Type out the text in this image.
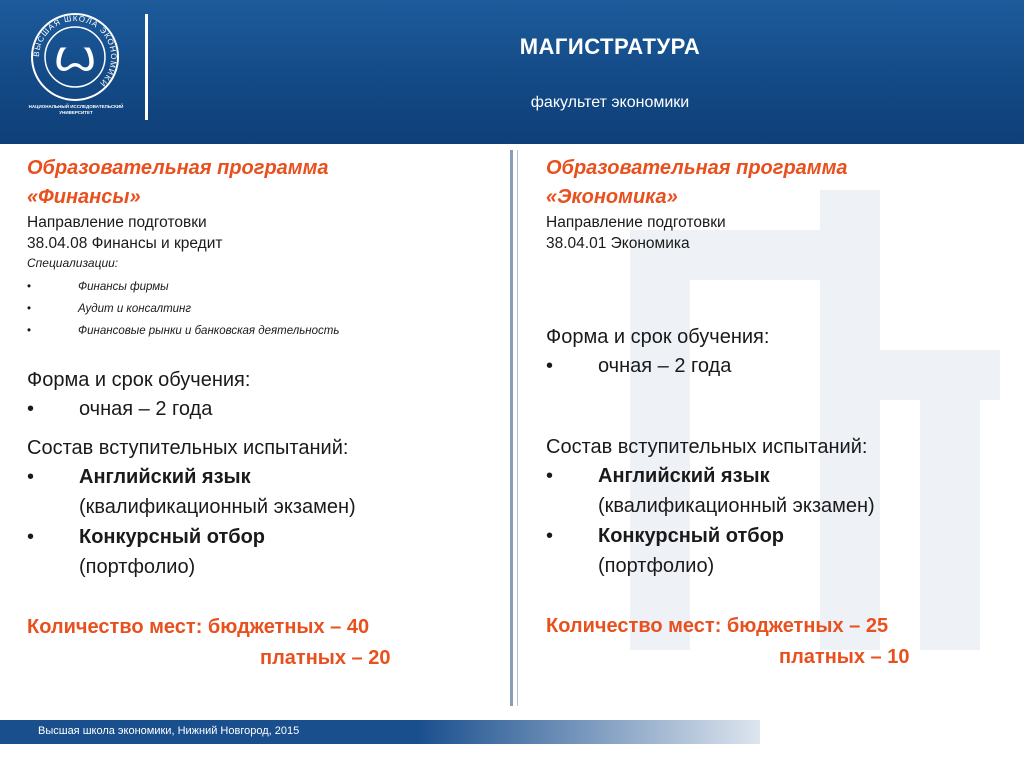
ВЫСШАЯ ШКОЛА ЭКОНОМИКИ
Ꙍ
НАЦИОНАЛЬНЫЙ ИССЛЕДОВАТЕЛЬСКИЙ УНИВЕРСИТЕТ
МАГИСТРАТУРА
факультет экономики
Образовательная программа
«Финансы»
Направление подготовки
38.04.08 Финансы и кредит
Специализации:
•	Финансы фирмы
•	Аудит и консалтинг
•	Финансовые рынки и банковская деятельность
Форма и срок обучения:
• очная – 2 года
Состав вступительных испытаний:
• Английский язык
(квалификационный экзамен)
• Конкурсный отбор
(портфолио)
Количество мест: бюджетных – 40
платных – 20
Образовательная программа
«Экономика»
Направление подготовки
38.04.01 Экономика
Форма и срок обучения:
• очная – 2 года
Состав вступительных испытаний:
• Английский язык
(квалификационный экзамен)
• Конкурсный отбор
(портфолио)
Количество мест: бюджетных – 25
платных – 10
Высшая школа экономики, Нижний Новгород, 2015
